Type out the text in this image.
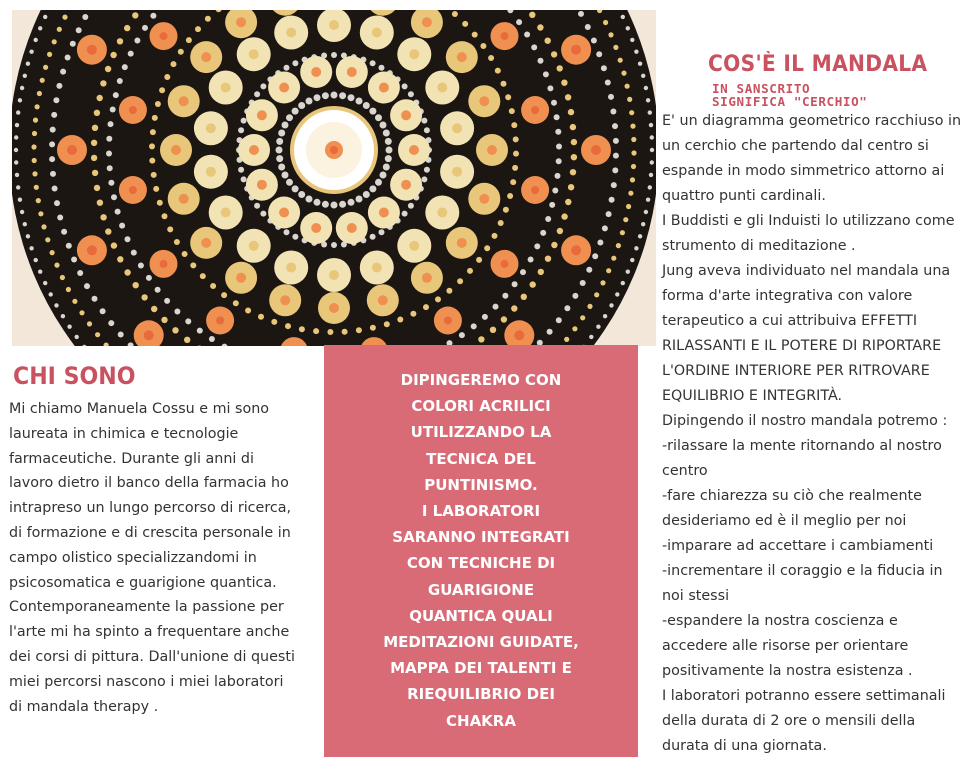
COS'È IL MANDALA
IN SANSCRITO
SIGNIFICA "CERCHIO"
E' un diagramma geometrico racchiuso in
un cerchio che partendo dal centro si
espande in modo simmetrico attorno ai
quattro punti cardinali.
I Buddisti e gli Induisti lo utilizzano come
strumento di meditazione .
Jung aveva individuato nel mandala una
forma d'arte integrativa con valore
terapeutico a cui attribuiva EFFETTI
RILASSANTI E IL POTERE DI RIPORTARE
L'ORDINE INTERIORE PER RITROVARE
EQUILIBRIO E INTEGRITÀ.
Dipingendo il nostro mandala potremo :
-rilassare la mente ritornando al nostro
centro
-fare chiarezza su ciò che realmente
desideriamo ed è il meglio per noi
-imparare ad accettare i cambiamenti
-incrementare il coraggio e la fiducia in
noi stessi
-espandere la nostra coscienza e
accedere alle risorse per orientare
positivamente la nostra esistenza .
I laboratori potranno essere settimanali
della durata di 2 ore o mensili della
durata di una giornata.
CHI SONO
Mi chiamo Manuela Cossu e mi sono
laureata in chimica e tecnologie
farmaceutiche. Durante gli anni di
lavoro dietro il banco della farmacia ho
intrapreso un lungo percorso di ricerca,
di formazione e di crescita personale in
campo olistico specializzandomi in
psicosomatica e guarigione quantica.
Contemporaneamente la passione per
l'arte mi ha spinto a frequentare anche
dei corsi di pittura. Dall'unione di questi
miei percorsi nascono i miei laboratori
di mandala therapy .
DIPINGEREMO CON
COLORI ACRILICI
UTILIZZANDO LA
TECNICA DEL
PUNTINISMO.
I LABORATORI
SARANNO INTEGRATI
CON TECNICHE DI
GUARIGIONE
QUANTICA QUALI
MEDITAZIONI GUIDATE,
MAPPA DEI TALENTI E
RIEQUILIBRIO DEI
CHAKRA
